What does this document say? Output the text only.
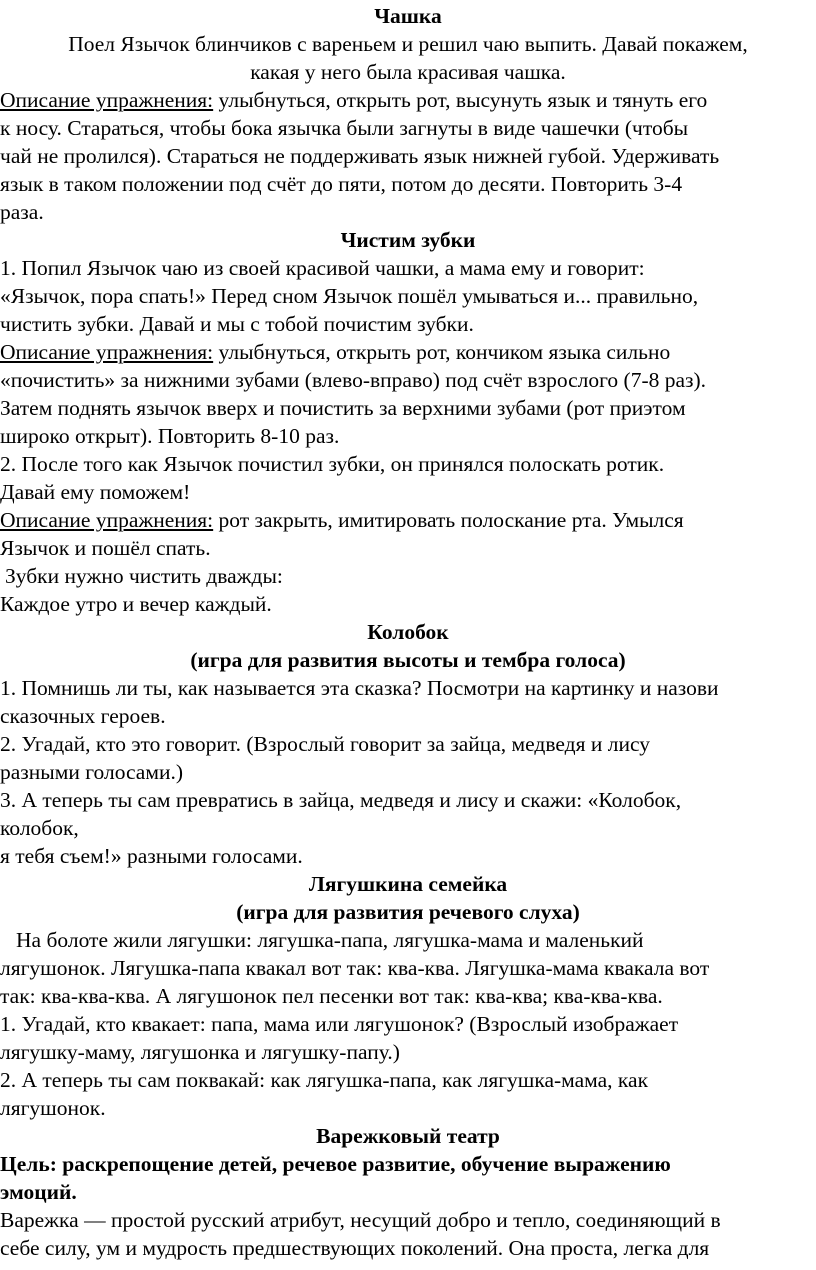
Чашка
Поел Язычок блинчиков с вареньем и решил чаю выпить. Давай покажем,
какая у него была красивая чашка.
Описание упражнения: улыбнуться, открыть рот, высунуть язык и тянуть его
к носу. Стараться, чтобы бока язычка были загнуты в виде чашечки (чтобы
чай не пролился). Стараться не поддерживать язык нижней губой. Удерживать
язык в таком положении под счёт до пяти, потом до десяти. Повторить 3-4
раза.
Чистим зубки
1. Попил Язычок чаю из своей красивой чашки, а мама ему и говорит:
«Язычок, пора спать!» Перед сном Язычок пошёл умываться и... правильно,
чистить зубки. Давай и мы с тобой почистим зубки.
Описание упражнения: улыбнуться, открыть рот, кончиком языка сильно
«почистить» за нижними зубами (влево-вправо) под счёт взрослого (7-8 раз).
Затем поднять язычок вверх и почистить за верхними зубами (рот приэтом
широко открыт). Повторить 8-10 раз.
2. После того как Язычок почистил зубки, он принялся полоскать ротик.
Давай ему поможем!
Описание упражнения: рот закрыть, имитировать полоскание рта. Умылся
Язычок и пошёл спать.
Зубки нужно чистить дважды:
Каждое утро и вечер каждый.
Колобок
(игра для развития высоты и тембра голоса)
1. Помнишь ли ты, как называется эта сказка? Посмотри на картинку и назови
сказочных героев.
2. Угадай, кто это говорит. (Взрослый говорит за зайца, медведя и лису
разными голосами.)
3. А теперь ты сам превратись в зайца, медведя и лису и скажи: «Колобок,
колобок,
я тебя съем!» разными голосами.
Лягушкина семейка
(игра для развития речевого слуха)
На болоте жили лягушки: лягушка-папа, лягушка-мама и маленький
лягушонок. Лягушка-папа квакал вот так: ква-ква. Лягушка-мама квакала вот
так: ква-ква-ква. А лягушонок пел песенки вот так: ква-ква; ква-ква-ква.
1. Угадай, кто квакает: папа, мама или лягушонок? (Взрослый изображает
лягушку-маму, лягушонка и лягушку-папу.)
2. А теперь ты сам поквакай: как лягушка-папа, как лягушка-мама, как
лягушонок.
Варежковый театр
Цель: раскрепощение детей, речевое развитие, обучение выражению
эмоций.
Варежка — простой русский атрибут, несущий добро и тепло, соединяющий в
себе силу, ум и мудрость предшествующих поколений. Она проста, легка для
